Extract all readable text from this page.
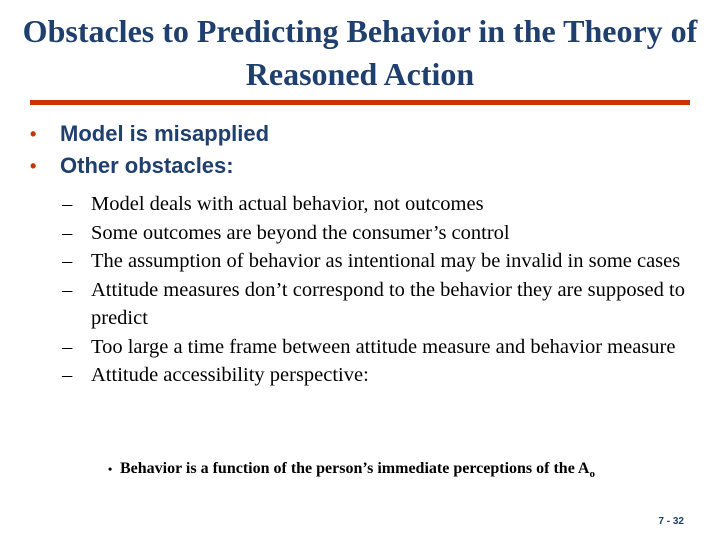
Obstacles to Predicting Behavior in the Theory of Reasoned Action
• Model is misapplied
• Other obstacles:
– Model deals with actual behavior, not outcomes
– Some outcomes are beyond the consumer’s control
– The assumption of behavior as intentional may be invalid in some cases
– Attitude measures don’t correspond to the behavior they are supposed to predict
– Too large a time frame between attitude measure and behavior measure
– Attitude accessibility perspective:
• Behavior is a function of the person’s immediate perceptions of the $A_o$
7 - 32
